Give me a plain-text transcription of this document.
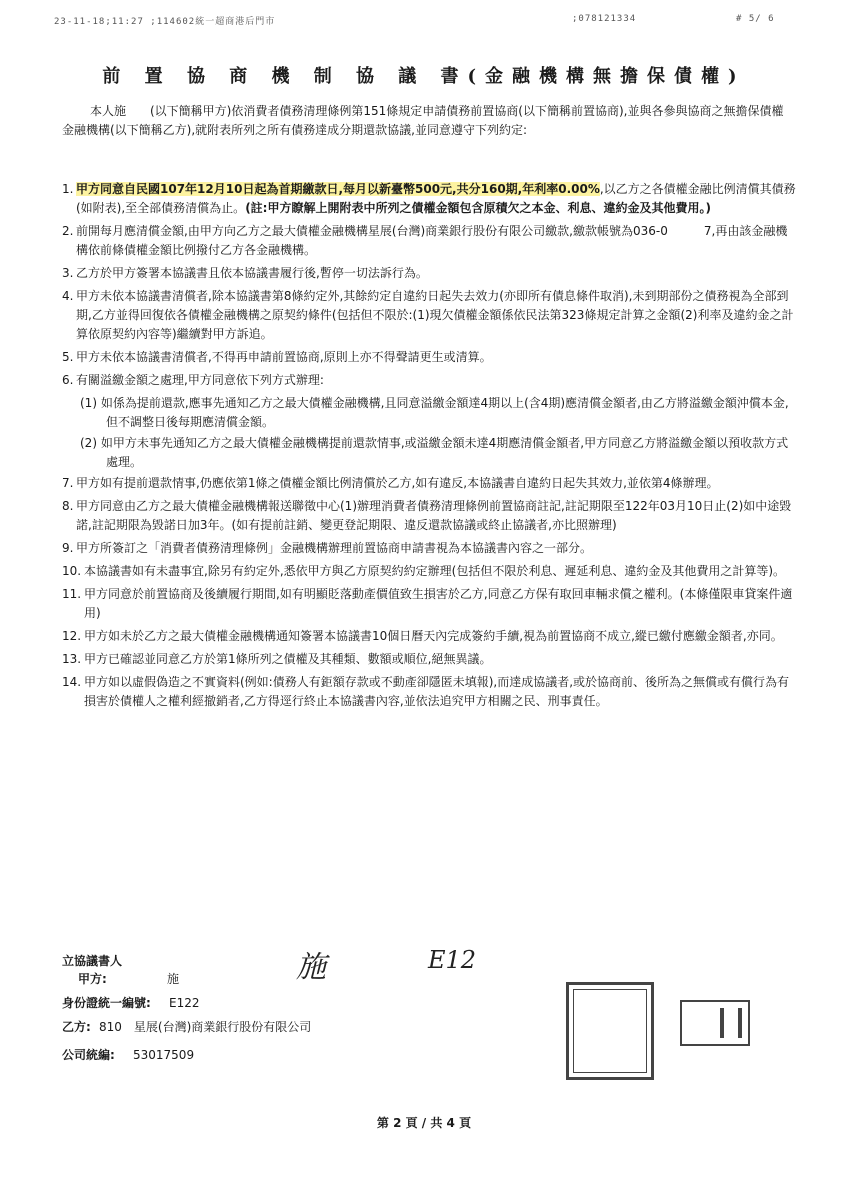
23-11-18;11:27 ;114602統一超商港后門市	;078121334	# 5/ 6
前 置 協 商 機 制 協 議 書(金融機構無擔保債權)
本人施　　(以下簡稱甲方)依消費者債務清理條例第151條規定申請債務前置協商(以下簡稱前置協商),並與各參與協商之無擔保債權金融機構(以下簡稱乙方),就附表所列之所有債務達成分期還款協議,並同意遵守下列約定:
1. 甲方同意自民國107年12月10日起為首期繳款日,每月以新臺幣500元,共分160期,年利率0.00%,以乙方之各債權金融比例清償其債務(如附表),至全部債務清償為止。(註:甲方瞭解上開附表中所列之債權金額包含原積欠之本金、利息、違約金及其他費用。)
2. 前開每月應清償金額,由甲方向乙方之最大債權金融機構星展(台灣)商業銀行股份有限公司繳款,繳款帳號為036-0　　　7,再由該金融機構依前條債權金額比例撥付乙方各金融機構。
3. 乙方於甲方簽署本協議書且依本協議書履行後,暫停一切法訴行為。
4. 甲方未依本協議書清償者,除本協議書第8條約定外,其餘約定自違約日起失去效力(亦即所有債息條件取消),未到期部份之債務視為全部到期,乙方並得回復依各債權金融機構之原契約條件(包括但不限於:(1)現欠債權金額係依民法第323條規定計算之金額(2)利率及違約金之計算依原契約內容等)繼續對甲方訴追。
5. 甲方未依本協議書清償者,不得再申請前置協商,原則上亦不得聲請更生或清算。
6. 有關溢繳金額之處理,甲方同意依下列方式辦理:
(1) 如係為提前還款,應事先通知乙方之最大債權金融機構,且同意溢繳金額達4期以上(含4期)應清償金額者,由乙方將溢繳金額沖償本金,但不調整日後每期應清償金額。
(2) 如甲方未事先通知乙方之最大債權金融機構提前還款情事,或溢繳金額未達4期應清償金額者,甲方同意乙方將溢繳金額以預收款方式處理。
7. 甲方如有提前還款情事,仍應依第1條之債權金額比例清償於乙方,如有違反,本協議書自違約日起失其效力,並依第4條辦理。
8. 甲方同意由乙方之最大債權金融機構報送聯徵中心(1)辦理消費者債務清理條例前置協商註記,註記期限至122年03月10日止(2)如中途毀諾,註記期限為毀諾日加3年。(如有提前註銷、變更登記期限、違反還款協議或終止協議者,亦比照辦理)
9. 甲方所簽訂之「消費者債務清理條例」金融機構辦理前置協商申請書視為本協議書內容之一部分。
10. 本協議書如有未盡事宜,除另有約定外,悉依甲方與乙方原契約約定辦理(包括但不限於利息、遲延利息、違約金及其他費用之計算等)。
11. 甲方同意於前置協商及後續履行期間,如有明顯貶落動產價值致生損害於乙方,同意乙方保有取回車輛求償之權利。(本條僅限車貸案件適用)
12. 甲方如未於乙方之最大債權金融機構通知簽署本協議書10個日曆天內完成簽約手續,視為前置協商不成立,縱已繳付應繳金額者,亦同。
13. 甲方已確認並同意乙方於第1條所列之債權及其種類、數額或順位,絕無異議。
14. 甲方如以虛假偽造之不實資料(例如:債務人有鉅額存款或不動產卻隱匿未填報),而達成協議者,或於協商前、後所為之無償或有償行為有損害於債權人之權利經撤銷者,乙方得逕行終止本協議書內容,並依法追究甲方相關之民、刑事責任。
立協議書人
甲方:	施
身份證統一編號: E122
乙方: 810　星展(台灣)商業銀行股份有限公司
公司統編: 53017509
施	E12
第 2 頁 / 共 4 頁
